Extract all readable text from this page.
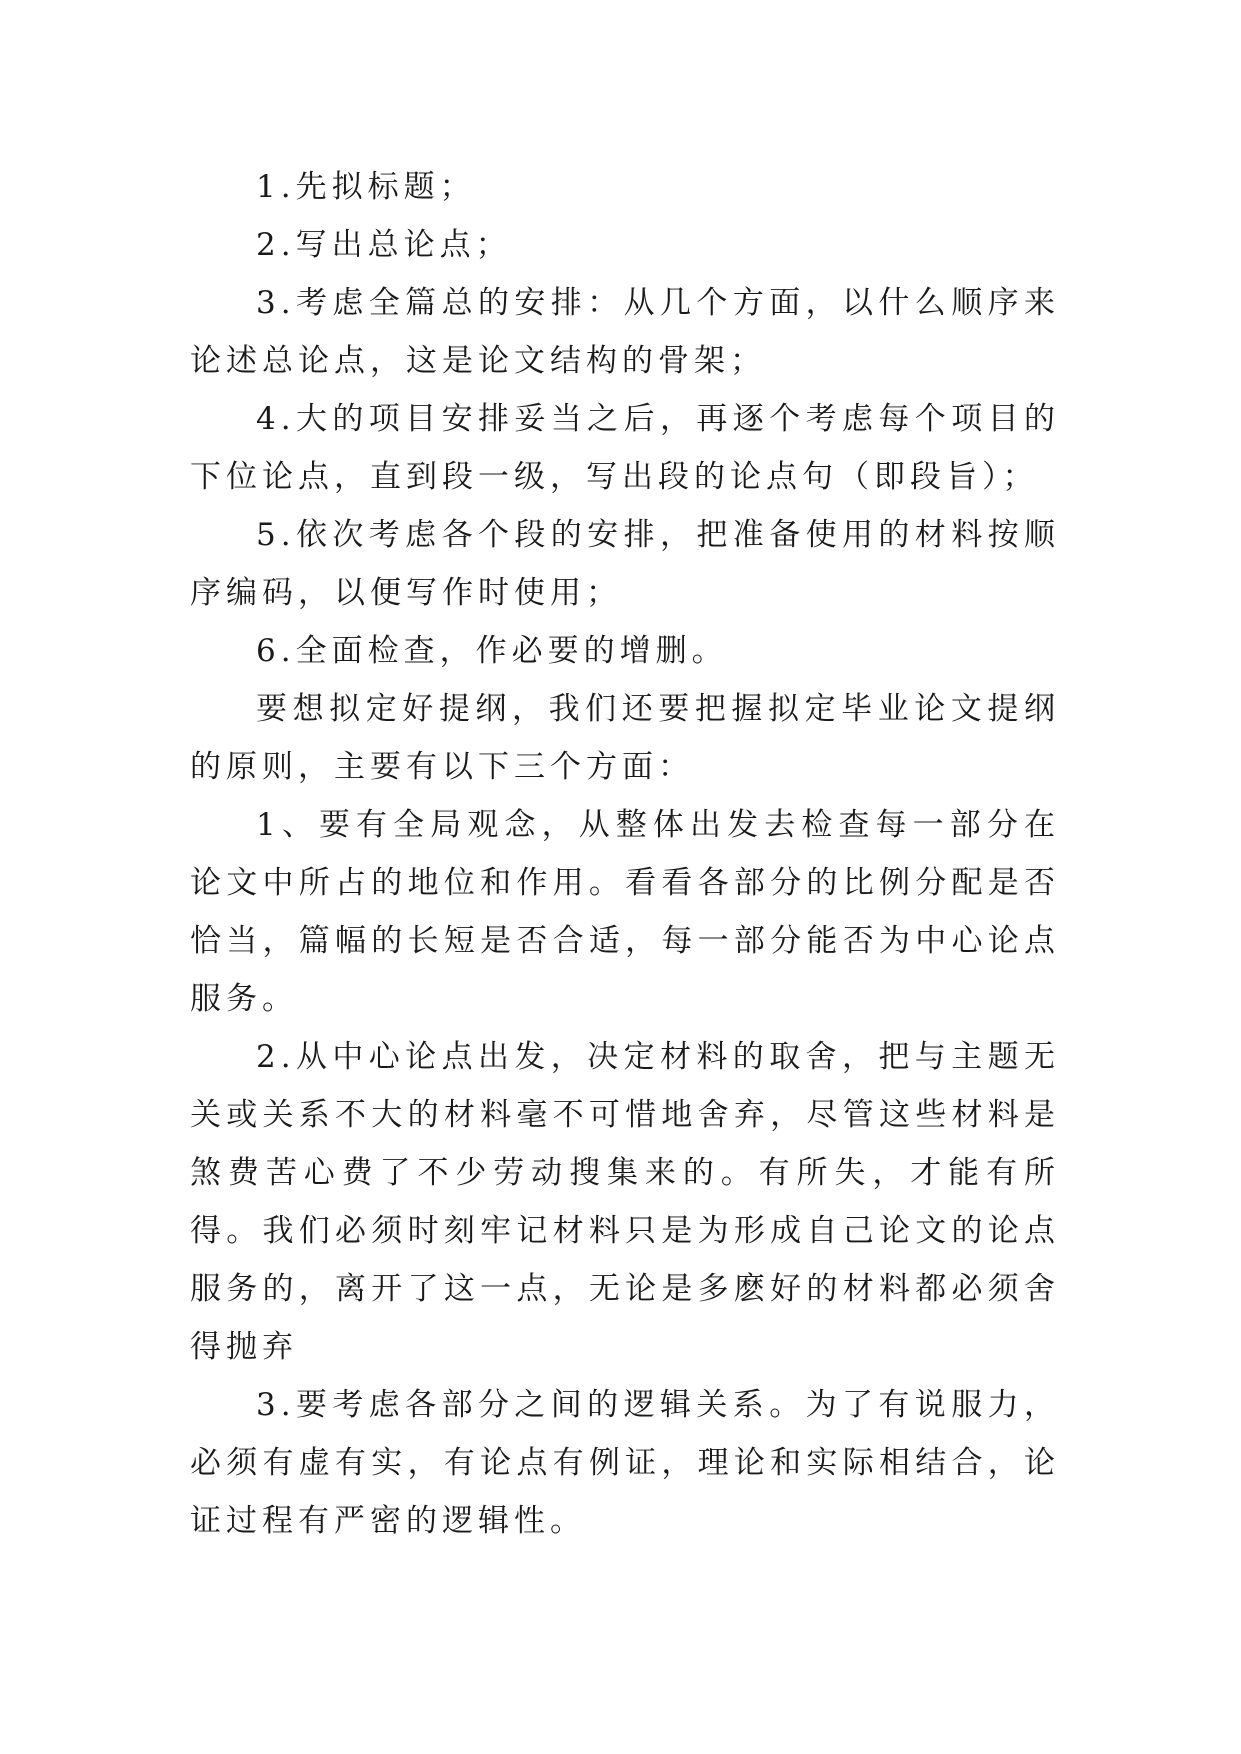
1.先拟标题；

2.写出总论点；

3.考虑全篇总的安排：从几个方面，以什么顺序来论述总论点，这是论文结构的骨架；

4.大的项目安排妥当之后，再逐个考虑每个项目的下位论点，直到段一级，写出段的论点句（即段旨）；

5.依次考虑各个段的安排，把准备使用的材料按顺序编码，以便写作时使用；

6.全面检查，作必要的增删。

要想拟定好提纲，我们还要把握拟定毕业论文提纲的原则，主要有以下三个方面：

1、要有全局观念，从整体出发去检查每一部分在论文中所占的地位和作用。看看各部分的比例分配是否恰当，篇幅的长短是否合适，每一部分能否为中心论点服务。

2.从中心论点出发，决定材料的取舍，把与主题无关或关系不大的材料毫不可惜地舍弃，尽管这些材料是煞费苦心费了不少劳动搜集来的。有所失，才能有所得。我们必须时刻牢记材料只是为形成自己论文的论点服务的，离开了这一点，无论是多麽好的材料都必须舍得抛弃

3.要考虑各部分之间的逻辑关系。为了有说服力，必须有虚有实，有论点有例证，理论和实际相结合，论证过程有严密的逻辑性。
